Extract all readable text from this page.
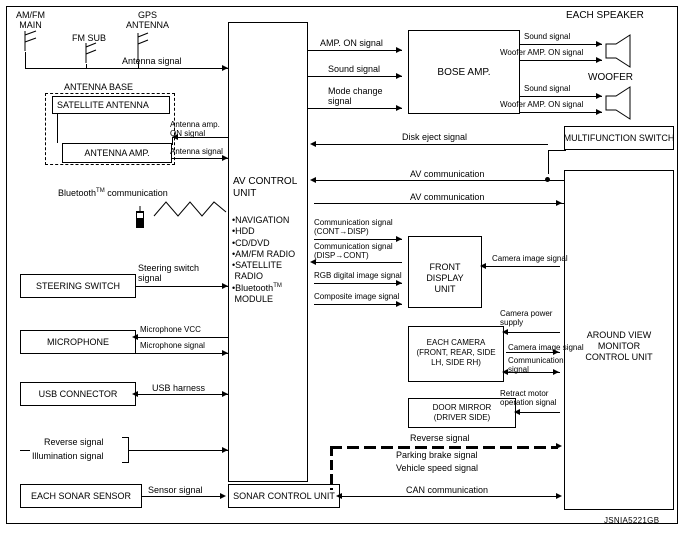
AM/FM
MAIN
FM SUB
GPS
ANTENNA
ANTENNA BASE
SATELLITE ANTENNA
ANTENNA AMP.
Antenna signal
Antenna amp.
ON signal
Antenna signal
Bluetooth™ communication
AV CONTROL
UNIT
•NAVIGATION
•HDD
•CD/DVD
•AM/FM RADIO
•SATELLITE
RADIO
•Bluetooth™
MODULE
BOSE AMP.
AMP. ON signal
Sound signal
Mode change
signal
EACH SPEAKER
WOOFER
Sound signal
Woofer AMP. ON signal
Sound signal
Woofer AMP. ON signal
MULTIFUNCTION SWITCH
Disk eject signal
AROUND VIEW MONITOR
CONTROL UNIT
AV communication
AV communication
FRONT DISPLAY
UNIT
Communication signal
(CONT→DISP)
Communication signal
(DISP→CONT)
RGB digital image signal
Composite image signal
Camera image signal
EACH CAMERA
(FRONT, REAR, SIDE
LH, SIDE RH)
Camera power
supply
Camera image signal
Communication
signal
DOOR MIRROR
(DRIVER SIDE)
Retract motor
operation signal
STEERING SWITCH
Steering switch
signal
MICROPHONE
Microphone VCC
Microphone signal
USB CONNECTOR
USB harness
Reverse signal
Illumination signal
EACH SONAR SENSOR	SONAR CONTROL UNIT
Sensor signal	CAN communication
Reverse signal
Parking brake signal
Vehicle speed signal
JSNIA5221GB
